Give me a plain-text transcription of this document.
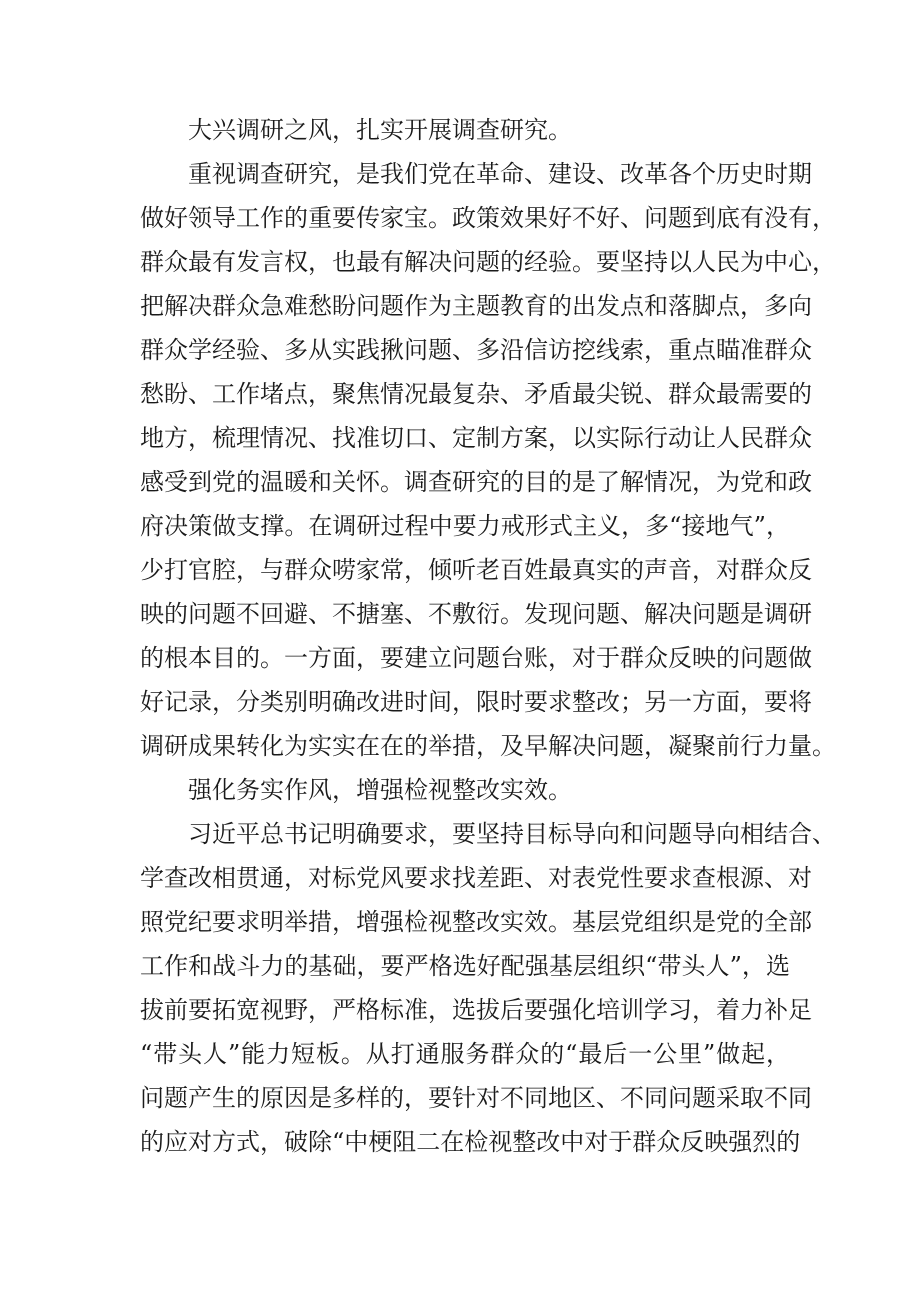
大兴调研之风，扎实开展调查研究。
重视调查研究，是我们党在革命、建设、改革各个历史时期
做好领导工作的重要传家宝。政策效果好不好、问题到底有没有，
群众最有发言权，也最有解决问题的经验。要坚持以人民为中心，
把解决群众急难愁盼问题作为主题教育的出发点和落脚点，多向
群众学经验、多从实践揪问题、多沿信访挖线索，重点瞄准群众
愁盼、工作堵点，聚焦情况最复杂、矛盾最尖锐、群众最需要的
地方，梳理情况、找准切口、定制方案，以实际行动让人民群众
感受到党的温暖和关怀。调查研究的目的是了解情况，为党和政
府决策做支撑。在调研过程中要力戒形式主义，多“接地气”，
少打官腔，与群众唠家常，倾听老百姓最真实的声音，对群众反
映的问题不回避、不搪塞、不敷衍。发现问题、解决问题是调研
的根本目的。一方面，要建立问题台账，对于群众反映的问题做
好记录，分类别明确改进时间，限时要求整改；另一方面，要将
调研成果转化为实实在在的举措，及早解决问题，凝聚前行力量。
强化务实作风，增强检视整改实效。
习近平总书记明确要求，要坚持目标导向和问题导向相结合、
学查改相贯通，对标党风要求找差距、对表党性要求查根源、对
照党纪要求明举措，增强检视整改实效。基层党组织是党的全部
工作和战斗力的基础，要严格选好配强基层组织“带头人”，选
拔前要拓宽视野，严格标准，选拔后要强化培训学习，着力补足
“带头人”能力短板。从打通服务群众的“最后一公里”做起，
问题产生的原因是多样的，要针对不同地区、不同问题采取不同
的应对方式，破除“中梗阻二在检视整改中对于群众反映强烈的
